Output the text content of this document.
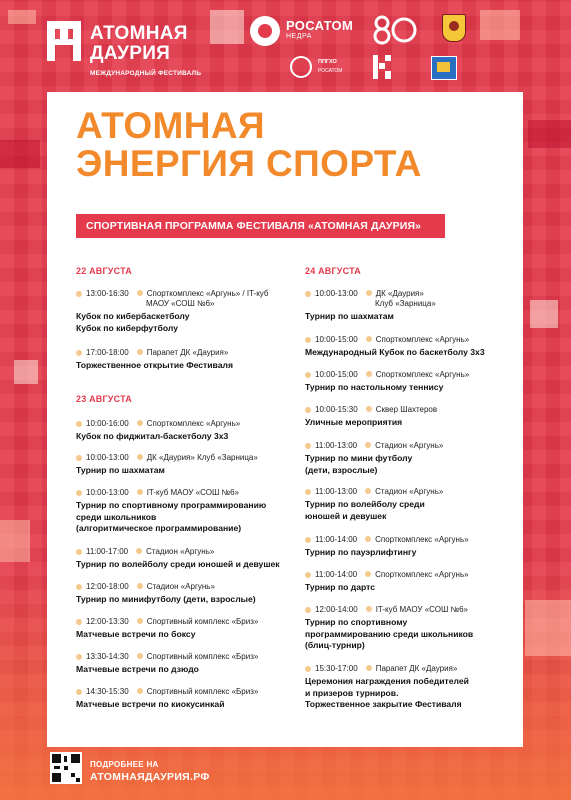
АТОМНАЯ ДАУРИЯ
МЕЖДУНАРОДНЫЙ ФЕСТИВАЛЬ
РОСАТОМ
НЕДРА
ППГХО
РОСАТОМ
АТОМНАЯ
ЭНЕРГИЯ СПОРТА
СПОРТИВНАЯ ПРОГРАММА ФЕСТИВАЛЯ «АТОМНАЯ ДАУРИЯ»
22 АВГУСТА
13:00-16:30 Спорткомплекс «Аргунь» / IT-куб
МАОУ «СОШ №6»
Кубок по кибербаскетболу
Кубок по киберфутболу
17:00-18:00 Парапет ДК «Даурия»
Торжественное открытие Фестиваля
23 АВГУСТА
10:00-16:00 Спорткомплекс «Аргунь»
Кубок по фиджитал-баскетболу 3х3
10:00-13:00 ДК «Даурия» Клуб «Зарница»
Турнир по шахматам
10:00-13:00 IT-куб МАОУ «СОШ №6»
Турнир по спортивному программированию
среди школьников
(алгоритмическое программирование)
11:00-17:00 Стадион «Аргунь»
Турнир по волейболу среди юношей и девушек
12:00-18:00 Стадион «Аргунь»
Турнир по минифутболу (дети, взрослые)
12:00-13:30 Спортивный комплекс «Бриз»
Матчевые встречи по боксу
13:30-14:30 Спортивный комплекс «Бриз»
Матчевые встречи по дзюдо
14:30-15:30 Спортивный комплекс «Бриз»
Матчевые встречи по киокусинкай
24 АВГУСТА
10:00-13:00 ДК «Даурия»
Клуб «Зарница»
Турнир по шахматам
10:00-15:00 Спорткомплекс «Аргунь»
Международный Кубок по баскетболу 3х3
10:00-15:00 Спорткомплекс «Аргунь»
Турнир по настольному теннису
10:00-15:30 Сквер Шахтеров
Уличные мероприятия
11:00-13:00 Стадион «Аргунь»
Турнир по мини футболу
(дети, взрослые)
11:00-13:00 Стадион «Аргунь»
Турнир по волейболу среди
юношей и девушек
11:00-14:00 Спорткомплекс «Аргунь»
Турнир по пауэрлифтингу
11:00-14:00 Спорткомплекс «Аргунь»
Турнир по дартс
12:00-14:00 IT-куб МАОУ «СОШ №6»
Турнир по спортивному
программированию среди школьников
(блиц-турнир)
15:30-17:00 Парапет ДК «Даурия»
Церемония награждения победителей
и призеров турниров.
Торжественное закрытие Фестиваля
ПОДРОБНЕЕ НА
АТОМНАЯДАУРИЯ.РФ
